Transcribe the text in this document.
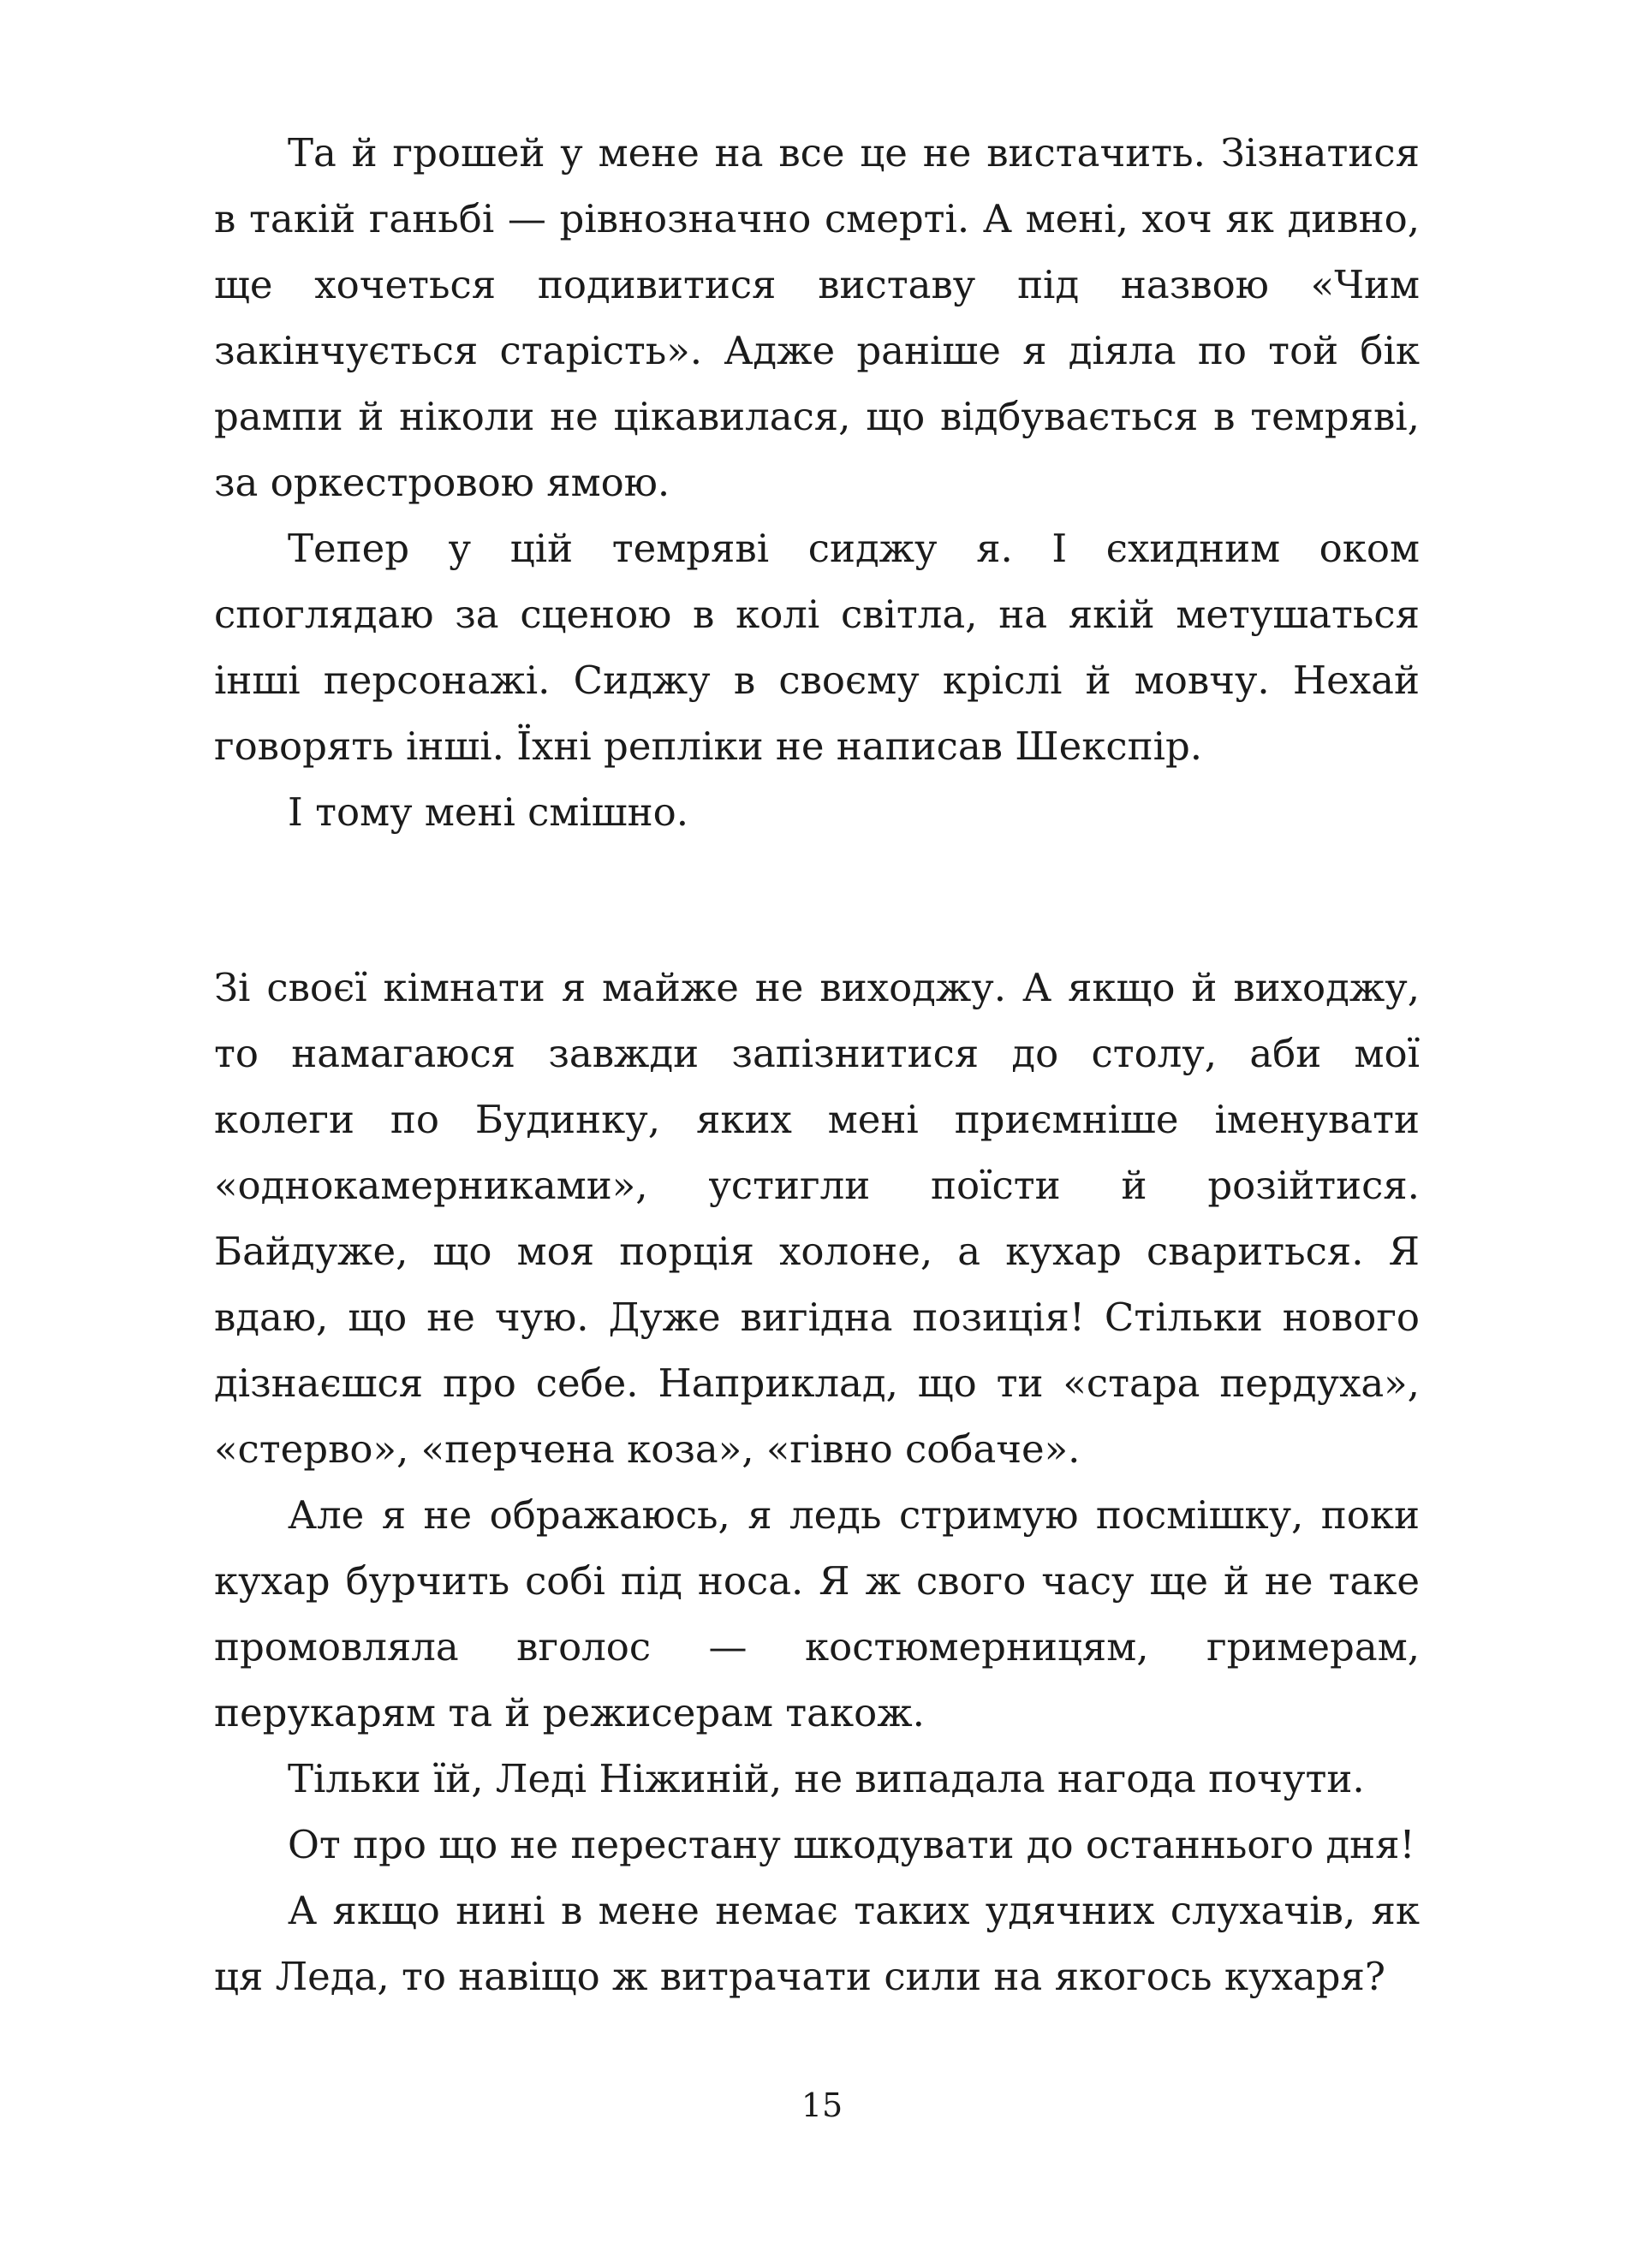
Та й грошей у мене на все це не вистачить. Зізнатися в такій ганьбі — рівнозначно смерті. А мені, хоч як дивно, ще хочеться подивитися виставу під назвою «Чим закінчується старість». Адже раніше я діяла по той бік рампи й ніколи не цікавилася, що відбувається в темряві, за оркестровою ямою.

Тепер у цій темряві сиджу я. І єхидним оком споглядаю за сценою в колі світла, на якій метушаться інші персонажі. Сиджу в своєму кріслі й мовчу. Нехай говорять інші. Їхні репліки не написав Шекспір.

І тому мені смішно.

Зі своєї кімнати я майже не виходжу. А якщо й виходжу, то намагаюся завжди запізнитися до столу, аби мої колеги по Будинку, яких мені приємніше іменувати «однокамерниками», устигли поїсти й розійтися. Байдуже, що моя порція холоне, а кухар свариться. Я вдаю, що не чую. Дуже вигідна позиція! Стільки нового дізнаєшся про себе. Наприклад, що ти «стара пердуха», «стерво», «перчена коза», «гівно собаче».

Але я не ображаюсь, я ледь стримую посмішку, поки кухар бурчить собі під носа. Я ж свого часу ще й не таке промовляла вголос — костюмерницям, гримерам, перукарям та й режисерам також.

Тільки їй, Леді Ніжиній, не випадала нагода почути.

От про що не перестану шкодувати до останнього дня!

А якщо нині в мене немає таких удячних слухачів, як ця Леда, то навіщо ж витрачати сили на якогось кухаря?

15
